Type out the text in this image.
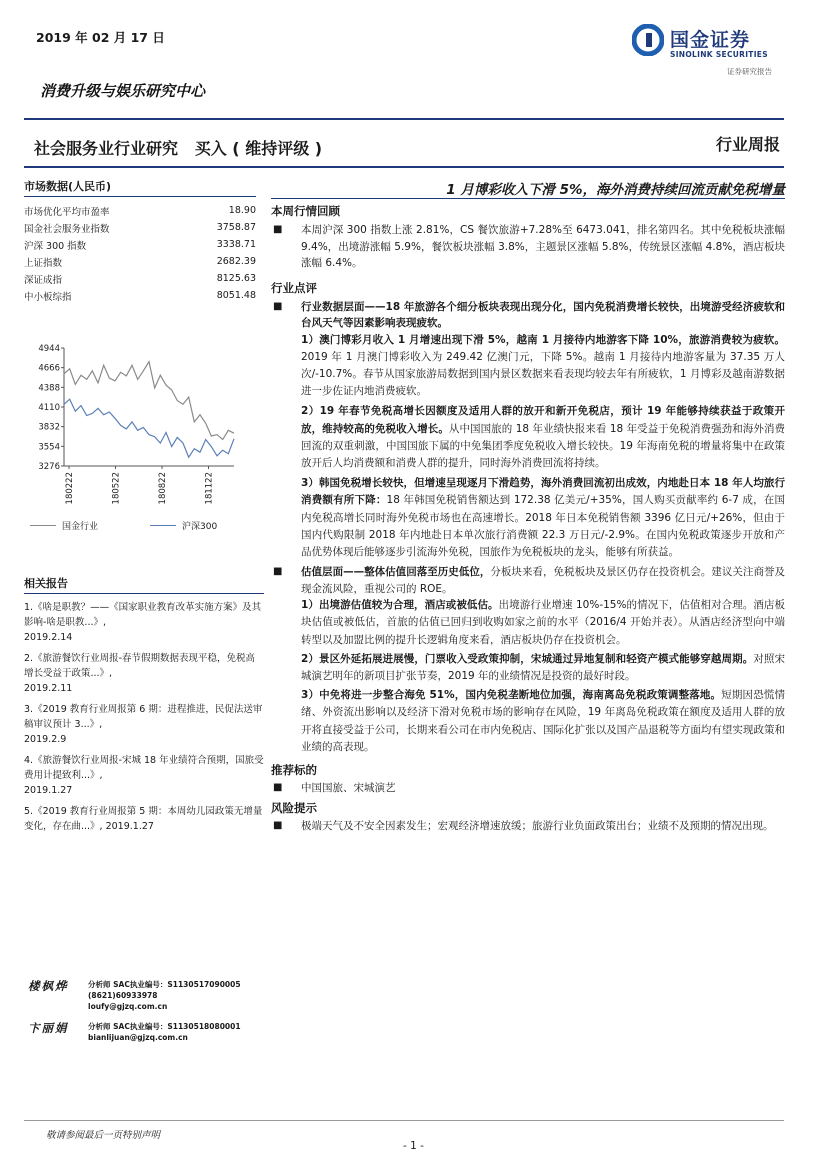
2019 年 02 月 17 日	国金证券
SINOLINK SECURITIES
证券研究报告
消费升级与娱乐研究中心
社会服务业行业研究 买入 ( 维持评级 )	行业周报
市场数据(人民币)
市场优化平均市盈率	18.90
国金社会服务业指数	3758.87
沪深 300 指数	3338.71
上证指数	2682.39
深证成指	8125.63
中小板综指	8051.48
3276
3554
3832
4110
4388
4666
4944
180222	180522	180822	181122
国金行业	沪深300
相关报告
1.《啥是职教？——《国家职业教育改革实施方案》及其影响-啥是职教...》,
2019.2.14
2.《旅游餐饮行业周报-春节假期数据表现平稳，免税高增长受益于政策...》,
2019.2.11
3.《2019 教育行业周报第 6 期：进程推进，民促法送审稿审议预计 3...》,
2019.2.9
4.《旅游餐饮行业周报-宋城 18 年业绩符合预期，国旅受费用计提致利...》,
2019.1.27
5.《2019 教育行业周报第 5 期：本周幼儿园政策无增量变化，存在曲...》, 2019.1.27
楼枫烨	分析师 SAC执业编号：S1130517090005
(8621)60933978
loufy@gjzq.com.cn
卞丽娟	分析师 SAC执业编号：S1130518080001
bianlijuan@gjzq.com.cn
1 月博彩收入下滑 5%，海外消费持续回流贡献免税增量
本周行情回顾
■ 本周沪深 300 指数上涨 2.81%，CS 餐饮旅游+7.28%至 6473.041，排名第四名。其中免税板块涨幅 9.4%，出境游涨幅 5.9%，餐饮板块涨幅 3.8%，主题景区涨幅 5.8%，传统景区涨幅 4.8%，酒店板块涨幅 6.4%。
行业点评
■ 行业数据层面——18 年旅游各个细分板块表现出现分化，国内免税消费增长较快，出境游受经济疲软和台风天气等因素影响表现疲软。
1）澳门博彩月收入 1 月增速出现下滑 5%，越南 1 月接待内地游客下降 10%，旅游消费较为疲软。2019 年 1 月澳门博彩收入为 249.42 亿澳门元，下降 5%。越南 1 月接待内地游客量为 37.35 万人次/-10.7%。春节从国家旅游局数据到国内景区数据来看表现均较去年有所疲软，1 月博彩及越南游数据进一步佐证内地消费疲软。
2）19 年春节免税高增长因额度及适用人群的放开和新开免税店，预计 19 年能够持续获益于政策开放，维持较高的免税收入增长。从中国国旅的 18 年业绩快报来看 18 年受益于免税消费强劲和海外消费回流的双重刺激，中国国旅下属的中免集团季度免税收入增长较快。19 年海南免税的增量将集中在政策放开后人均消费额和消费人群的提升，同时海外消费回流将持续。
3）韩国免税增长较快，但增速呈现逐月下滑趋势，海外消费回流初出成效，内地赴日本 18 年人均旅行消费额有所下降：18 年韩国免税销售额达到 172.38 亿美元/+35%，国人购买贡献率约 6-7 成，在国内免税高增长同时海外免税市场也在高速增长。2018 年日本免税销售额 3396 亿日元/+26%，但由于国内代购限制 2018 年内地赴日本单次旅行消费额 22.3 万日元/-2.9%。在国内免税政策逐步开放和产品优势体现后能够逐步引流海外免税，国旅作为免税板块的龙头，能够有所获益。
■ 估值层面——整体估值回落至历史低位，分板块来看，免税板块及景区仍存在投资机会。建议关注商誉及现金流风险，重视公司的 ROE。
1）出境游估值较为合理，酒店或被低估。出境游行业增速 10%-15%的情况下，估值相对合理。酒店板块估值或被低估，首旅的估值已回归到收购如家之前的水平（2016/4 开始并表）。从酒店经济型向中端转型以及加盟比例的提升长逻辑角度来看，酒店板块仍存在投资机会。
2）景区外延拓展进展慢，门票收入受政策抑制，宋城通过异地复制和轻资产模式能够穿越周期。对照宋城演艺明年的新项目扩张节奏，2019 年的业绩情况是投资的最好时段。
3）中免将进一步整合海免 51%，国内免税垄断地位加强，海南离岛免税政策调整落地。短期因恐慌情绪、外资流出影响以及经济下滑对免税市场的影响存在风险，19 年离岛免税政策在额度及适用人群的放开将直接受益于公司，长期来看公司在市内免税店、国际化扩张以及国产品退税等方面均有望实现政策和业绩的高表现。
推荐标的
■ 中国国旅、宋城演艺
风险提示
■ 极端天气及不安全因素发生；宏观经济增速放缓；旅游行业负面政策出台；业绩不及预期的情况出现。
- 1 -
敬请参阅最后一页特别声明
